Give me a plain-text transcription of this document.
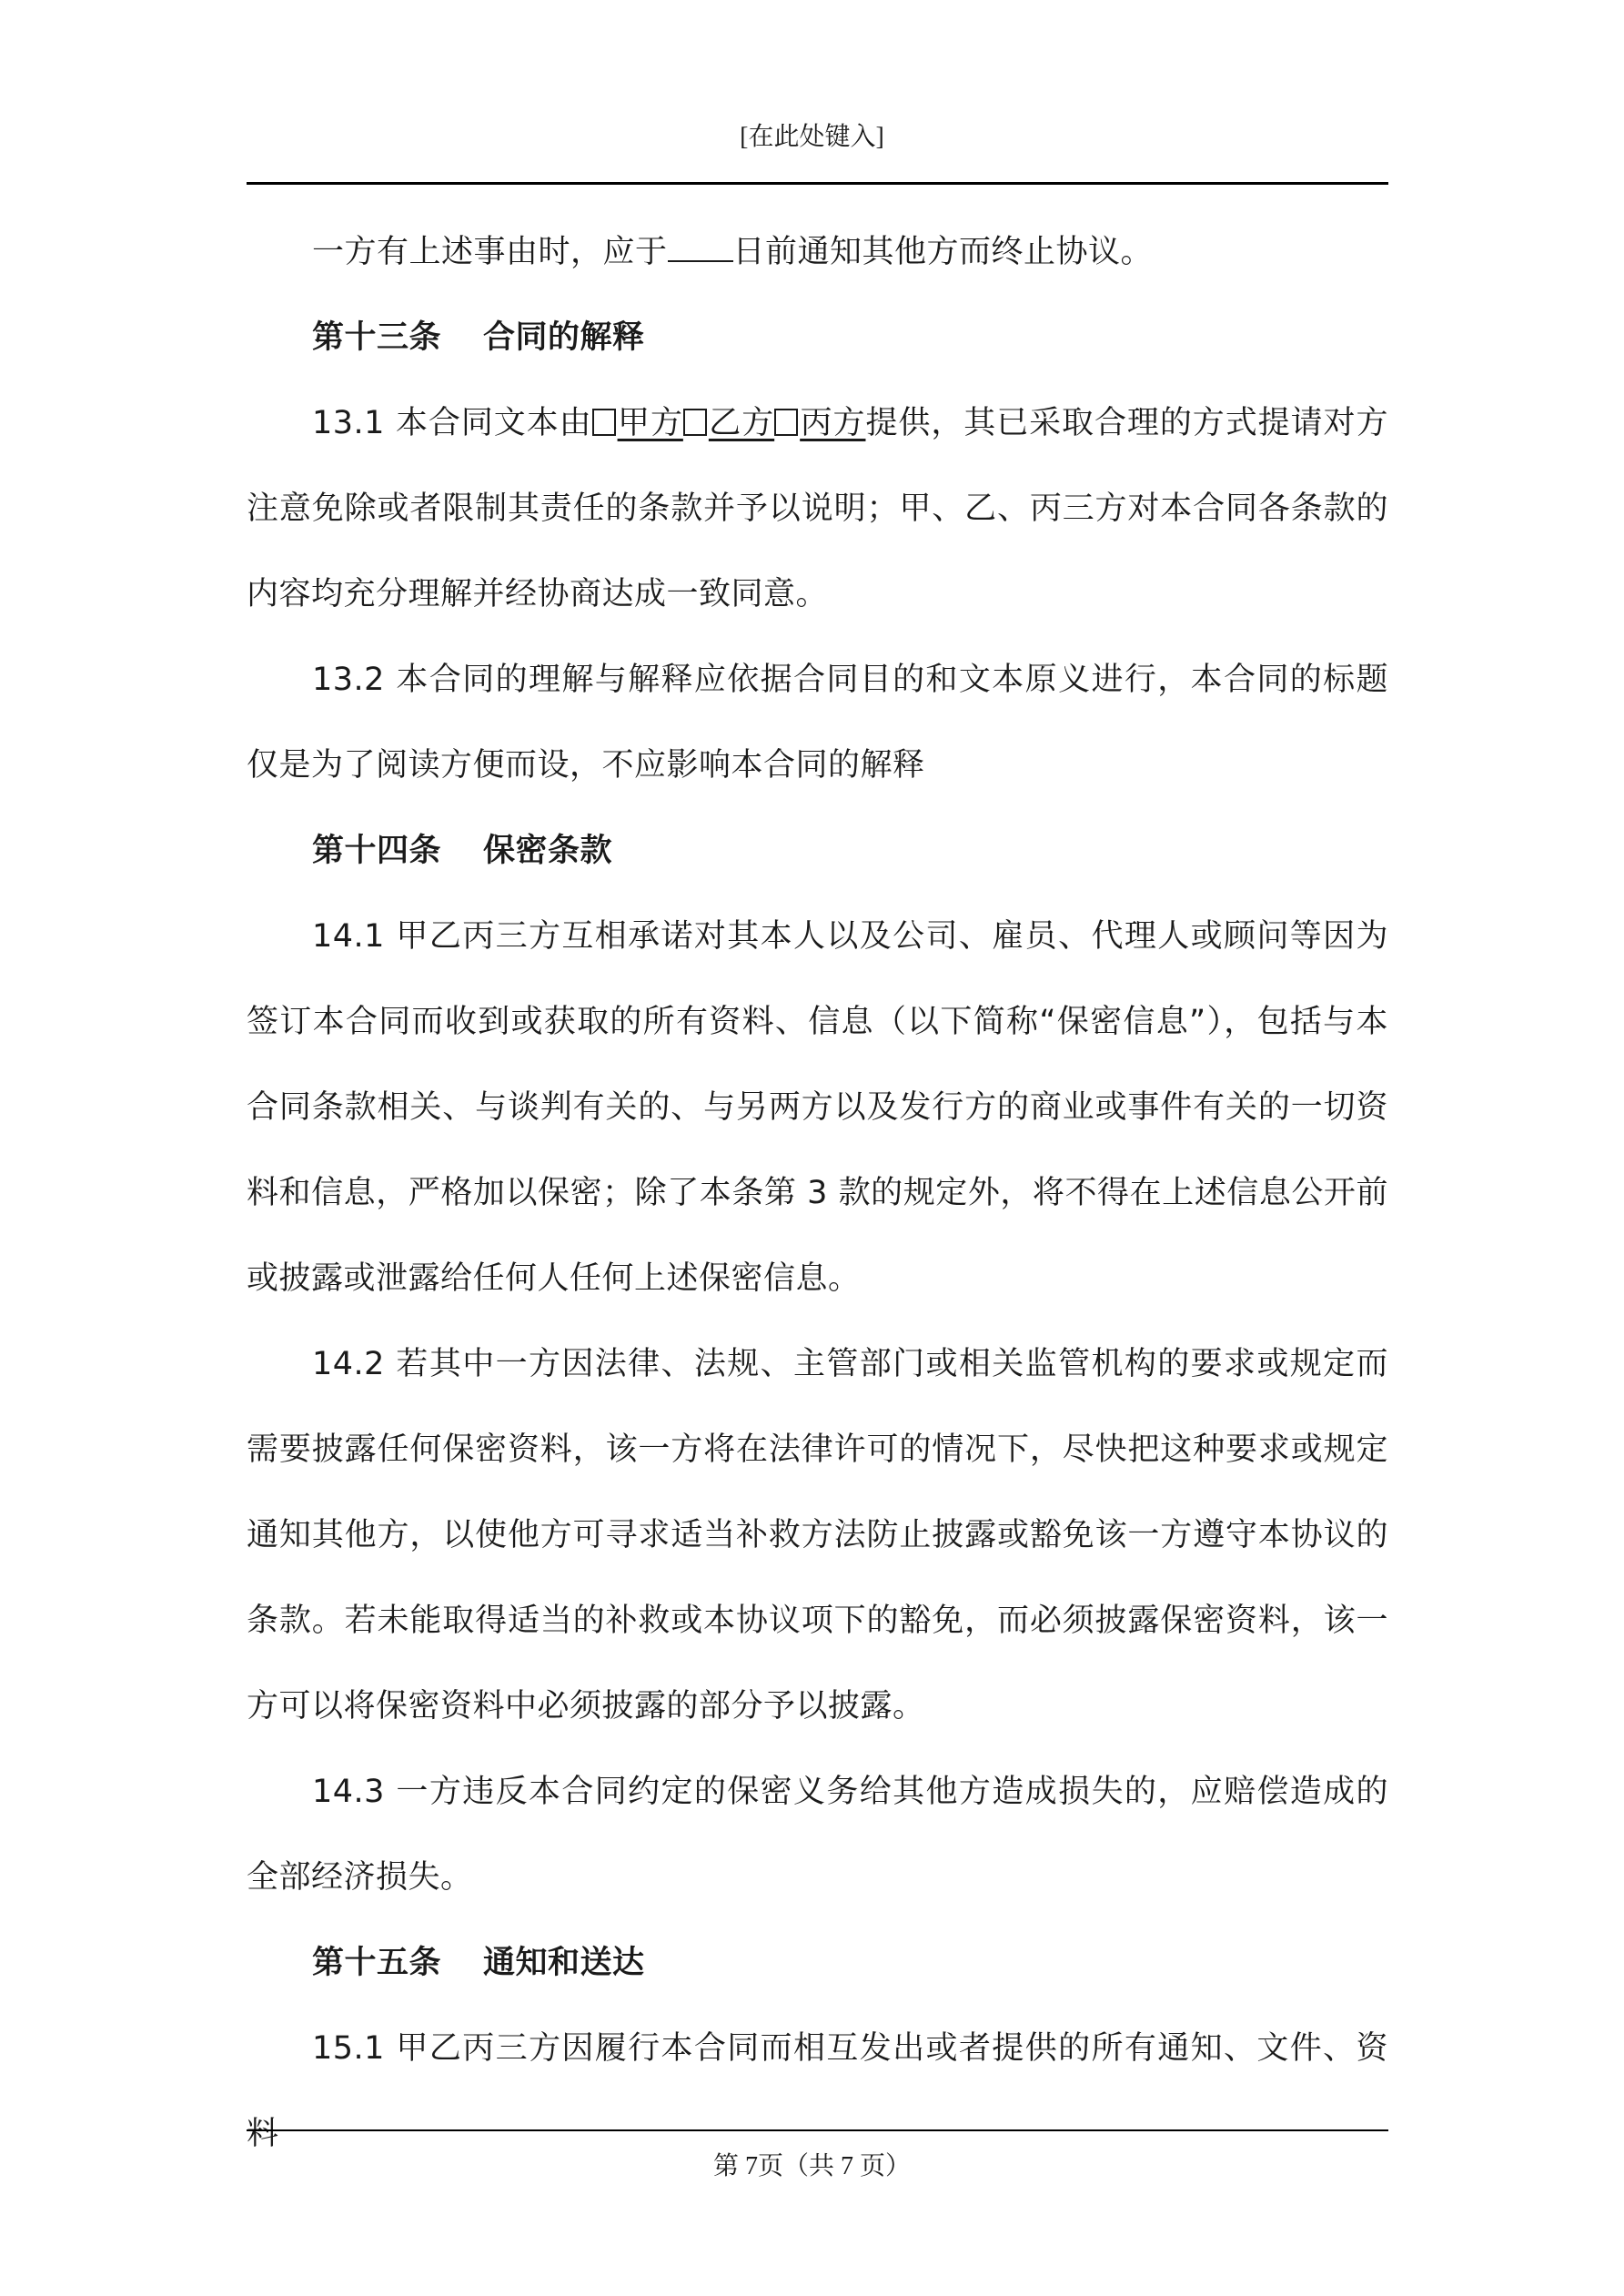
[在此处键入]

一方有上述事由时，应于 日前通知其他方而终止协议。

第十三条 合同的解释

13.1 本合同文本由 甲方 乙方 丙方提供，其已采取合理的方式提请对方注意免除或者限制其责任的条款并予以说明；甲、乙、丙三方对本合同各条款的内容均充分理解并经协商达成一致同意。

13.2 本合同的理解与解释应依据合同目的和文本原义进行，本合同的标题仅是为了阅读方便而设，不应影响本合同的解释

第十四条 保密条款

14.1 甲乙丙三方互相承诺对其本人以及公司、雇员、代理人或顾问等因为签订本合同而收到或获取的所有资料、信息（以下简称“保密信息”），包括与本合同条款相关、与谈判有关的、与另两方以及发行方的商业或事件有关的一切资料和信息，严格加以保密；除了本条第 3 款的规定外，将不得在上述信息公开前或披露或泄露给任何人任何上述保密信息。

14.2 若其中一方因法律、法规、主管部门或相关监管机构的要求或规定而需要披露任何保密资料，该一方将在法律许可的情况下，尽快把这种要求或规定通知其他方，以使他方可寻求适当补救方法防止披露或豁免该一方遵守本协议的条款。若未能取得适当的补救或本协议项下的豁免，而必须披露保密资料，该一方可以将保密资料中必须披露的部分予以披露。

14.3 一方违反本合同约定的保密义务给其他方造成损失的，应赔偿造成的全部经济损失。

第十五条 通知和送达

15.1 甲乙丙三方因履行本合同而相互发出或者提供的所有通知、文件、资料

第 7页（共 7 页）
